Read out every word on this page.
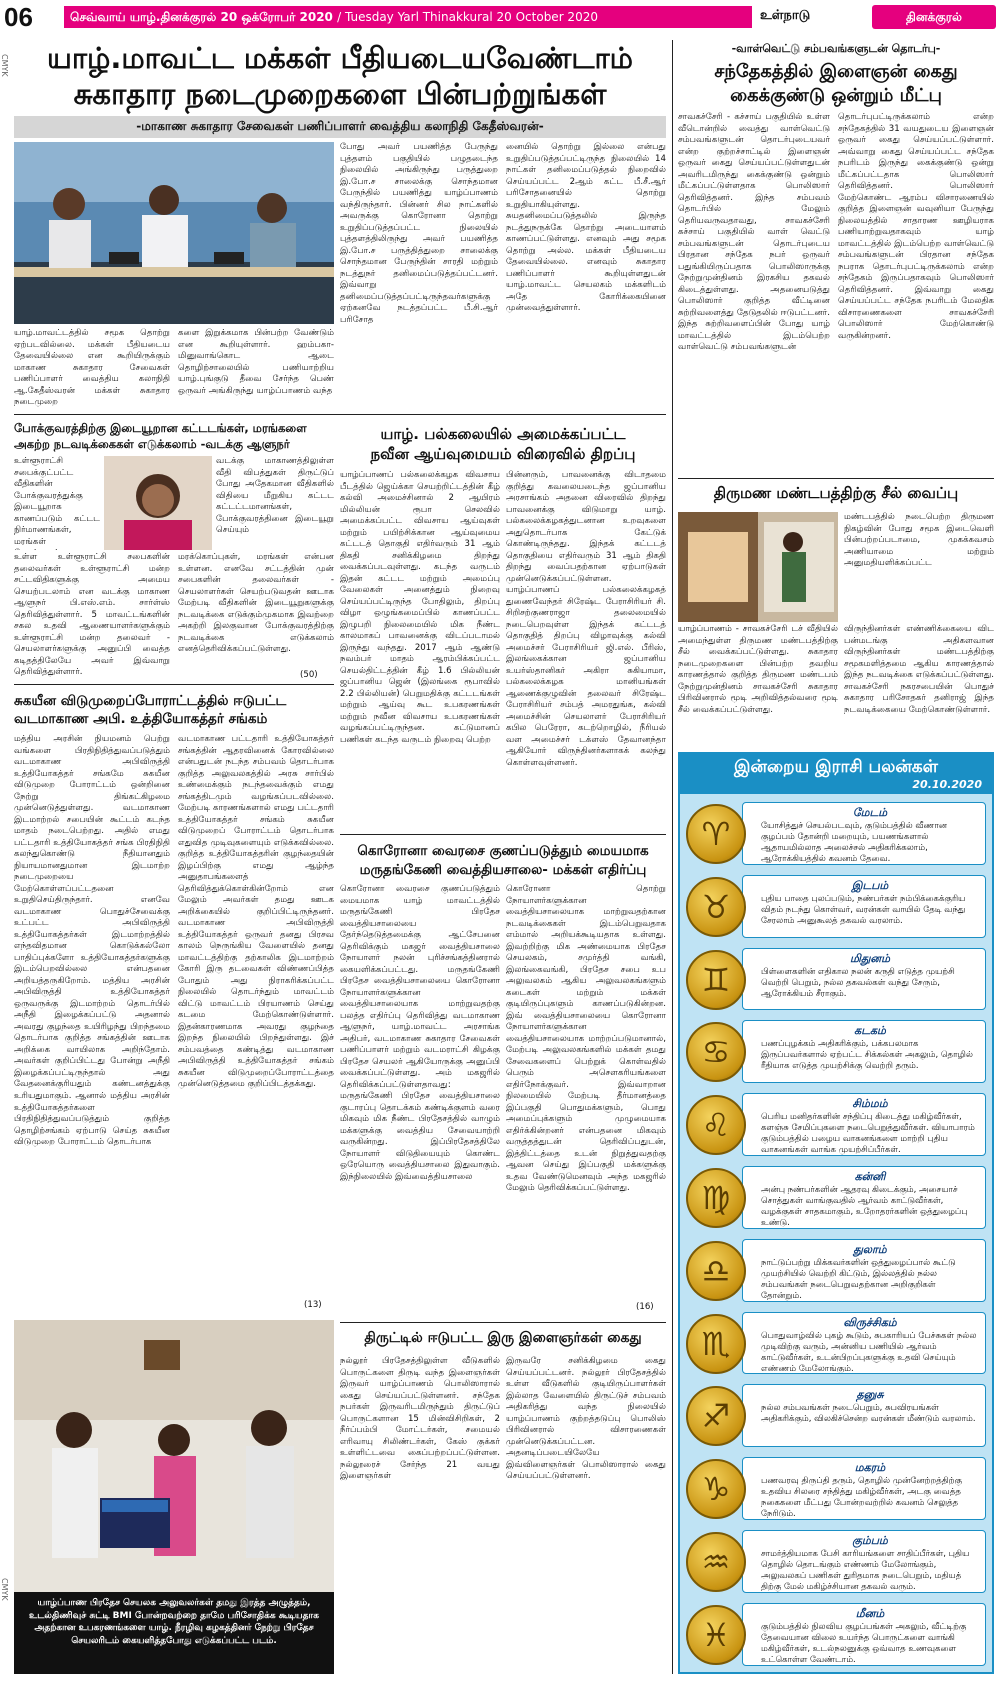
06	செவ்வாய் யாழ்.தினக்குரல் 20 ஒக்ரோபர் 2020 / Tuesday Yarl Thinakkural 20 October 2020	உள்நாடு	தினக்குரல்
CMYK
CMYK
யாழ்.மாவட்ட மக்கள் பீதியடையவேண்டாம்
சுகாதார நடைமுறைகளை பின்பற்றுங்கள்
-மாகாண சுகாதார சேவைகள் பணிப்பாளர் வைத்திய கலாநிதி கேதீஸ்வரன்-
யாழ்.மாவட்டத்தில் சமூக தொற்று ஏற்படவில்லை. மக்கள் பீதியடைய தேவையில்லை என கூறியிருக்கும் மாகாண சுகாதார சேவைகள் பணிப்பாளர் வைத்திய கலாநிதி ஆ.கேதீஸ்வரன் மக்கள் சுகாதார நடைமுறை
களை இறுக்கமாக பின்பற்ற வேண்டும் என கூறியுள்ளார். ஹம்பகா- மினுவாங்கொட ஆடை தொழிற்சாலையில் பணியாற்றிய யாழ்.புங்குடு தீவை சேர்ந்த பெண் ஒருவர் அங்கிருந்து யாழ்ப்பாணம் வந்த
போது அவர் பயணித்த பேருந்து புத்தளம் பகுதியில் பழுதடைந்த நிலையில் அங்கிருந்து பருத்துறை இ.போ.ச சாலைக்கு சொந்தமான பேருந்தில் பயணித்து யாழ்ப்பாணம் வந்திருந்தார். பின்னர் சில நாட்களில் அவருக்கு கொரோனா தொற்று உறுதிப்படுத்தப்பட்ட நிலையில் புத்தளத்திலிருந்து அவர் பயணித்த இ.போ.ச பருத்தித்துறை சாலைக்கு சொந்தமான பேருந்தின் சாரதி மற்றும் நடத்துநர் தனிமைப்படுத்தப்பட்டனர். இவ்வாறு தனிமைப்படுத்தப்பட்டிருந்தவர்களுக்கு ஏற்கனவே நடத்தப்பட்ட பீ.சி.ஆர் பரிசோத
னையில் தொற்று இல்லை என்பது உறுதிப்படுத்தப்பட்டிருந்த நிலையில் 14 நாட்கள் தனிமைப்படுத்தல் நிறைவில் செய்யப்பட்ட 2ஆம் கட்ட பீ.சீ.ஆர் பரிசோதனையில் தொற்று உறுதியாகியுள்ளது. சுயதனிமைப்படுத்தலில் இருந்த நடத்துநருக்கே தொற்று அடையாளம் காணப்பட்டுள்ளது. எனவும் அது சமூக தொற்று அல்ல. மக்கள் பீதியடைய தேவையில்லை. எனவும் சுகாதார பணிப்பாளர் கூறியுள்ளதுடன் யாழ்.மாவட்ட செயலகம் மக்களிடம் அதே கோரிக்கையினை முன்வைத்துள்ளார்.
போக்குவரத்திற்கு இடையூறான கட்டடங்கள், மரங்களை
அகற்ற நடவடிக்கைகள் எடுக்கலாம் -வடக்கு ஆளுநர்
உள்ளூராட்சி சபைக்குட்பட்ட வீதிகளின் போக்குவரத்துக்கு இடையூறாக காணப்படும் கட்டட நிர்மாணங்கள், மரங்கள்
வடக்கு மாகாணத்திலுள்ள வீதி விபத்துகள் திருட்டுப் போது அதேகமான வீதிகளில் விதியை மீறுகிய கட்டட கட்டட்டமானங்கள், போக்குவரத்தினை இடையூறு செய்யும்
உள்ள உள்ளூராட்சி சபைகளின் தலைவர்கள் உள்ளூராட்சி மன்ற சட்டவிதிகளுக்கு அமைய செயற்படலாம் என வடக்கு மாகாண ஆளுநர் பி.எஸ்.எம். சார்ள்ஸ் தெரிவித்துள்ளார். 5 மாவட்டங்களின் சகல உதவி ஆணையாளர்களுக்கும் உள்ளூராட்சி மன்ற தலைவர் - செயலாளர்களுக்கு அனுப்பி வைத்த கடிதத்திலேயே அவர் இவ்வாறு தெரிவித்துள்ளார்.
மரக்கொப்புகள், மரங்கள் என்பன உள்ளன. எனவே சட்டத்தின் முன் சபைகளின் தலைவர்கள் - செயலாளர்கள் செயற்படுவதன் ஊடாக மேற்படி வீதிகளின் இடையூறுகளுக்கு நடவடிக்கை எடுக்கும்முகமாக இவற்றை அகற்றி இலகுவான போக்குவரத்திற்கு நடவடிக்கை எடுக்கலாம் எனத்தெரிவிக்கப்பட்டுள்ளது.
(50)
யாழ். பல்கலையில் அமைக்கப்பட்ட
நவீன ஆய்வுமையம் விரைவில் திறப்பு
யாழ்ப்பாணப் பல்கலைக்கழக விவசாய பீடத்தில் ஜெய்க்கா செயற்றிட்டத்தின் கீழ் கல்வி அமைச்சினால் 2 ஆயிரம் மில்லியன் ரூபா செலவில் அமைக்கப்பட்ட விவசாய ஆய்வுகள் மற்றும் பயிற்சிக்கான ஆய்வுமைய கட்டடத் தொகுதி எதிர்வரும் 31 ஆம் திகதி சனிக்கிழமை திறந்து வைக்கப்படவுள்ளது. கடந்த வருடம் இதன் கட்டட மற்றும் அமைப்பு வேலைகள் அனைத்தும் நிறைவு செய்யப்பட்டிருந்த போதிலும், திறப்பு விழா ஒழுங்கமைப்பில் காணப்பட்ட இழுபறி நிலைமையில் மிக நீண்ட காலமாகப் பாவனைக்கு விடப்படாமல் இருந்து வந்தது. 2017 ஆம் ஆண்டு நவம்பர் மாதம் ஆரம்பிக்கப்பட்ட செயல்திட்டத்தின் கீழ் 1.6 பில்லியன் ஜப்பானிய ஜென் (இலங்கை ரூபாவில் 2.2 பில்லியன்) பெறுமதிக்கு கட்டடங்கள் மற்றும் ஆய்வு கூட உபகரணங்கள் மற்றும் நவீன விவசாய உபகரணங்கள் வழங்கப்பட்டிருந்தன. கட்டுமானப் பணிகள் கடந்த வருடம் நிறைவு பெற்ற
பின்னரும், பாவனைக்கு விடாதமை குறித்து கவலையடைந்த ஜப்பானிய அரசாங்கம் அதனை விரைவில் திறந்து பாவனைக்கு விடுமாறு யாழ். பல்கலைக்கழகத்துடனான உறவுகளை அதுதொடர்பாக கேட்டுக் கொண்டிருந்தது. இந்தக் கட்டடத் தொகுதியை எதிர்வரும் 31 ஆம் திகதி திறந்து வைப்பதற்கான ஏற்பாடுகள் முன்னெடுக்கப்பட்டுள்ளன. யாழ்ப்பாணப் பல்கலைக்கழகத் துணைவேந்தர் சிரேஷ்ட பேராசிரியர் சி. சிறிசற்குணராஜா தலைமையில் நடைபெறவுள்ள இந்தக் கட்டடத் தொகுதித் திறப்பு விழாவுக்கு கல்வி அமைச்சர் பேராசிரியர் ஜி.எல். பீரிஸ், இலங்கைக்கான ஜப்பானிய உயர்ஸ்தானிகர் அகிரா சுகியாமா, பல்கலைக்கழக மானியங்கள் ஆணைக்குழுவின் தலைவர் சிரேஷ்ட பேராசிரியர் சம்பத் அமரதுங்க, கல்வி அமைச்சின் செயலாளர் பேராசிரியர் கபில பெரேரா, கடற்றொழில், நீரியல் வள அமைச்சர் டக்ளஸ் தேவானந்தா ஆகியோர் விருந்தினர்களாகக் கலந்து கொள்ளவுள்ளனர்.
சுகயீன விடுமுறைப்போராட்டத்தில் ஈடுபட்ட
வடமாகாண அபி. உத்தியோகத்தர் சங்கம்
மத்திய அரசின் நியமனம் பெற்று வங்களை பிரதிநிதித்துவப்படுத்தும் வடமாகாண அபிவிருத்தி உத்தியோகத்தர் சங்கமே சுகயீன விடுமுறை போராட்டம் ஒன்றினை நேற்று திங்கட்கிழமை முன்னெடுத்துள்ளது. வடமாகாண இடமாற்றல் சபையின் கூட்டம் கடந்த மாதம் நடைபெற்றது. அதில் எமது பட்டதாரி உத்தியோகத்தர் சங்க பிரதிநிதி கலந்துகொண்டு நீதியானதும் நியாயமானதுமான இடமாற்ற நடைமுறையை மேற்கொள்ளப்பட்டதனை உறுதிசெய்திருந்தார். எனவே வடமாகாண பொதுச்சேவைக்கு உட்பட்ட அபிவிருத்தி உத்தியோகத்தர்கள் இடமாற்றத்தில் எந்தவிதமான கொடுக்கல்லோ பாதிப்புக்களோ உத்தியோகத்தர்களுக்கு இடம்பெறவில்லை என்பதனை அறியத்தருகிறோம். மத்திய அரசின் அபிவிருத்தி உத்தியோகத்தர் ஒருவருக்கு இடமாற்றம் தொடர்பில் அநீதி இழைக்கப்பட்டு அதனால் அவரது குழந்தை உயிரிழந்து பிறந்தமை தொடர்பாக குறித்த சங்கத்தின் ஊடாக அறிக்கை வாயிலாக அறிந்தோம். அவர்கள் குறிப்பிட்டது போன்று அநீதி இழைக்கப்பட்டிருந்தால் அது வேதனைக்குரியதும் கண்டனத்துக்கு உரியதுமாகும். ஆனால் மத்திய அரசின் உத்தியோகத்தர்களை பிரதிநிதித்துவப்படுத்தும் குறித்த தொழிற்சங்கம் ஏற்பாடு செய்த சுகயீன விடுமுறை போராட்டம் தொடர்பாக
வடமாகாண பட்டதாரி உத்தியோகத்தர் சங்கத்தின் ஆதரவினைக் கோரவில்லை என்பதுடன் நடந்த சம்பவம் தொடர்பாக குறித்த அலுவலகத்தில் அரசு சார்பில் உண்மைக்கும் நடந்தவைக்கும் எமது சங்கத்திடமும் வழங்கப்படவில்லை. மேற்படி காரணங்களால் எமது பட்டதாரி உத்தியோகத்தர் சங்கம் சுகயீன விடுமுறைப் போராட்டம் தொடர்பாக எதுவித முடிவுகளையும் எடுக்கவில்லை. குறித்த உத்தியோகத்தரின் குழந்தையின் இழப்பிற்கு எமது ஆழ்ந்த அனுதாபங்களைத் தெரிவித்துக்கொள்கின்றோம் என மேலும் அவர்கள் தமது ஊடக அறிக்கையில் குறிப்பிட்டிருந்தனர். வடமாகாண அபிவிருத்தி உத்தியோகத்தர் ஒருவர் தனது பிரசவ காலம் நெருங்கிய வேளையில் தனது மாவட்டத்திற்கு தற்காலிக இடமாற்றம் கோரி இரு தடவைகள் விண்ணப்பித்த போதும் அது நிராகரிக்கப்பட்ட நிலையில் தொடர்ந்தும் மாவட்டம் விட்டு மாவட்டம் பிரயாணம் செய்து கடமை மேற்கொண்டுள்ளார். இதன்காரணமாக அவரது குழந்தை இறந்த நிலையில் பிறந்துள்ளது. இச் சம்பவத்தை கண்டித்து வடமாகாண அபிவிருத்தி உத்தியோகத்தர் சங்கம் சுகயீன விடுமுறைப்போராட்டத்தை முன்னெடுத்தமை குறிப்பிடத்தக்கது.
(13)
யாழ்ப்பாண பிரதேச செயலக அலுவலர்கள் தமது இரத்த அழுத்தம், உடல்திணிவுச் சுட்டி BMI போன்றவற்றை தாமே பரிசோதிக்க கூடியதாக அதற்கான உபகரணங்களை யாழ். நீரழிவு கழகத்தினர் நேற்று பிரதேச செயலரிடம் கையளித்தபோது எடுக்கப்பட்ட படம்.
கொரோனா வைரசை குணப்படுத்தும் மையமாக
மருதங்கேணி வைத்தியசாலை- மக்கள் எதிர்ப்பு
கொரோனா வைரசை குணப்படுத்தும் மையமாக யாழ் மாவட்டத்தில் மருதங்கேணி பிரதேச வைத்தியசாலையை தேர்ந்தெடுத்தமைக்கு ஆட்சேபனை தெரிவிக்கும் மகஜர் வைத்தியசாலை நோயாளர் நலன் புரிச்சங்கத்தினரால் கையளிக்கப்பட்டது. மருதங்கேணி பிரதேச வைத்தியசாலையை கொரோனா நோயாளர்களுக்கான வைத்தியசாலையாக மாற்றுவதற்கு பலத்த எதிர்ப்பு தெரிவித்து வடமாகாண ஆளுநர், யாழ்.மாவட்ட அரசாங்க அதிபர், வடமாகாண சுகாதார சேவைகள் பணிப்பாளர் மற்றும் வடமராட்சி கிழக்கு பிரதேச செயலர் ஆகியோருக்கு அனுப்பி வைக்கப்பட்டுள்ளது. அம் மகஜரில் தெரிவிக்கப்பட்டுள்ளதாவது: மருதங்கேணி பிரதேச வைத்தியசாலை குடாரப்பு தொடக்கம் கண்டிக்குளம் வரை மிகவும் மிக நீண்ட பிரதேசத்தில் வாழும் மக்களுக்கு வைத்திய சேவையாற்றி வருகின்றது. இப்பிரதேசத்திலே நோயாளர் விடுதியையும் கொண்ட ஒரேயொரு வைத்தியசாலை இதுவாகும். இந்நிலையில் இவ்வைத்தியசாலை
கொரோனா தொற்று நோயாளர்களுக்கான வைத்தியசாலையாக மாற்றுவதற்கான நடவடிக்கைகள் இடம்பெறுவதாக எம்மால் அறியக்கூடியதாக உள்ளது. இவற்றிற்கு மிக அண்மையாக பிரதேச செயலகம், சமுர்த்தி வங்கி, இலங்கைவங்கி, பிரதேச சபை உப அலுவலகம் ஆகிய அலுவலகங்களும் கடைகள் மற்றும் மக்கள் குடியிருப்புகளும் காணப்படுகின்றன. இவ் வைத்தியசாலையை கொரோனா நோயாளர்களுக்கான வைத்தியசாலையாக மாற்றப்படுமானால், மேற்படி அலுவலகங்களில் மக்கள் தமது சேவைகளைப் பெற்றுக் கொள்வதில் பெரும் அசௌகரியங்களை எதிர்நோக்குவர். இவ்வாறான நிலமையில் மேற்படி தீர்மானத்தை இப்பகுதி பொதுமக்களும், பொது அமைப்புக்களும் முழுமையாக எதிர்க்கின்றனர் என்பதனை மிகவும் வருத்தத்துடன் தெரிவிப்பதுடன், இத்திட்டத்தை உடன் நிறுத்துவதற்கு ஆவன செய்து இப்பகுதி மக்களுக்கு உதவ வேண்டுமெனவும் அந்த மகஜரில் மேலும் தெரிவிக்கப்பட்டுள்ளது.
(16)
திருட்டில் ஈடுபட்ட இரு இளைஞர்கள் கைது
நல்லூர் பிரதேசத்திலுள்ள வீடுகளில் பொருட்களை திருடி வந்த இளைஞர்கள் இருவர் யாழ்ப்பாணம் பொலிஸாரால் கைது செய்யப்பட்டுள்ளனர். சந்தேக நபர்கள் இருவரிடமிருந்தும் திருட்டுப் பொருட்களான 15 மின்விசிறிகள், 2 நீர்ப்பம்பி மோட்டர்கள், சமையல் எரிவாயு சிலிண்டர்கள், கேஸ் குக்கர் உள்ளிட்டவை கைப்பற்றப்பட்டுள்ளன. நல்லூரைச் சேர்ந்த 21 வயது இளைஞர்கள்
இருவரே சனிக்கிழமை கைது செய்யப்பட்டனர். நல்லூர் பிரதேசத்தில் உள்ள வீடுகளில் குடியிருப்பாளர்கள் இல்லாத வேளையில் திருட்டுச் சம்பவம் அதிகரித்து வந்த நிலையில் யாழ்ப்பாணம் குற்றத்தடுப்பு பொலிஸ் பிரிவினரால் விசாரணைகள் முன்னெடுக்கப்பட்டன. அதனடிப்படையிலேயே இவ்விளைஞர்கள் பொலிஸாரால் கைது செய்யப்பட்டுள்ளனர்.
-வாள்வெட்டு சம்பவங்களுடன் தொடர்பு-
சந்தேகத்தில் இளைஞன் கைது
கைக்குண்டு ஒன்றும் மீட்பு
சாவகச்சேரி - கச்சாய் பகுதியில் உள்ள வீடொன்றில் வைத்து வாள்வெட்டு சம்பவங்களுடன் தொடர்புடையவர் என்ற குற்றச்சாட்டில் இளைஞன் ஒருவர் கைது செய்யப்பட்டுள்ளதுடன் அவரிடமிருந்து கைக்குண்டு ஒன்றும் மீட்கப்பட்டுள்ளதாக பொலிஸார் தெரிவித்தனர். இந்த சம்பவம் தொடர்பில் மேலும் தெரியவருவதாவது, சாவகச்சேரி கச்சாய் பகுதியில் வாள் வெட்டு சம்பவங்களுடன் தொடர்புடைய பிரதான சந்தேக நபர் ஒருவர் பதுங்கியிருப்பதாக பொலிஸாருக்கு நேற்றுமுன்தினம் இரகசிய தகவல் கிடைத்துள்ளது. அதனையடுத்து பொலிஸார் குறித்த வீட்டினை சுற்றிவளைத்து தேடுதலில் ஈடுபட்டனர். இந்த சுற்றிவளைப்பின் போது யாழ் மாவட்டத்தில் இடம்பெற்ற வாள்வெட்டு சம்பவங்களுடன்
தொடர்புபட்டிருக்கலாம் என்ற சந்தேகத்தில் 31 வயதுடைய இளைஞன் ஒருவர் கைது செய்யப்பட்டுள்ளார். அவ்வாறு கைது செய்யப்பட்ட சந்தேக நபரிடம் இருந்து கைக்குண்டு ஒன்று மீட்கப்பட்டதாக பொலிஸார் தெரிவித்தனர். பொலிஸார் மேற்கொண்ட ஆரம்ப விசாரணையில் குறித்த இளைஞன் வவுனியா பேருந்து நிலையத்தில் சாதாரண ஊழியராக பணியாற்றுவதாகவும் யாழ் மாவட்டத்தில் இடம்பெற்ற வாள்வெட்டு சம்பவங்களுடன் பிரதான சந்தேக நபராக தொடர்புபட்டிருக்கலாம் என்ற சந்தேகம் இருப்பதாகவும் பொலிஸார் தெரிவித்தனர். இவ்வாறு கைது செய்யப்பட்ட சந்தேக நபரிடம் மேலதிக விசாரணைகளை சாவகச்சேரி பொலிஸார் மேற்கொண்டு வருகின்றனர்.
திருமண மண்டபத்திற்கு சீல் வைப்பு
மண்டபத்தில் நடைபெற்ற திருமண நிகழ்வின் போது சமூக இடைவெளி பின்பற்றப்படாமை, முகக்கவசம் அணியாமை மற்றும் அனுமதியளிக்கப்பட்ட
யாழ்ப்பாணம் - சாவகச்சேரி டச் வீதியில் அமைந்துள்ள திருமண மண்டபத்திற்கு சீல் வைக்கப்பட்டுள்ளது. சுகாதார நடைமுறைகளை பின்பற்ற தவறிய காரணத்தால் குறித்த திருமண மண்டபம் நேற்றுமுன்தினம் சாவகச்சேரி சுகாதார பிரிவினரால் மூடி அறிவித்தல்வரை மூடி சீல் வைக்கப்பட்டுள்ளது.
விருந்தினர்கள் எண்ணிக்கையை விட பன்மடங்கு அதிகளவான விருந்தினர்கள் மண்டபத்திற்கு சமூகமளித்தமை ஆகிய காரணத்தால் இந்த நடவடிக்கை எடுக்கப்பட்டுள்ளது. சாவகச்சேரி நகரசபையின் பொதுச் சுகாதார பரிசோதகர் தனிராஜ் இந்த நடவடிக்கையை மேற்கொண்டுள்ளார்.
இன்றைய இராசி பலன்கள்
20.10.2020
மேடம்
யோசித்துச் செயல்படவும், குடும்பத்தில் வீணான குழப்பம் தோன்றி மறையும், பயணங்களால் ஆதாயமில்லாத அலைச்சல் அதிகரிக்கலாம், ஆரோக்கியத்தில் கவனம் தேவை.
♈
இடபம்
புதிய பாதை புலப்படும், நண்பர்கள் நம்பிக்கைக்குரிய விதம் நடந்து கொள்வர், வரன்கள் வாயில் தேடி வந்து சேரலாம் அனுகூலத் தகவல் வரலாம்.
♉
மிதுனம்
பிள்ளைகளின் எதிகால நலன் கருதி எடுத்த முயற்சி வெற்றி பெறும், நல்ல தகவல்கள் வந்து சேரும், ஆரோக்கியம் சீராகும்.
♊
கடகம்
பணப்புழக்கம் அதிகரிக்கும், பக்கபலமாக இருப்பவர்களால் ஏற்பட்ட சிக்கல்கள் அகலும், தொழில் ரீதியாக எடுத்த முயற்சிக்கு வெற்றி தரும்.
♋
சிம்மம்
பெரிய மனிதர்களின் சந்திப்பு கிடைத்து மகிழ்வீர்கள், களஞ்சு சேமிப்புகளை நடைபெறுத்துவீர்கள். வியாபாரம் குடும்பத்தில் பழைய வாகனங்களை மாற்றி புதிய வாகனங்கள் வாங்க முயற்சிப்பீர்கள்.
♌
கன்னி
அன்பு நண்பர்களின் ஆதரவு கிடைக்கும், அசையாச் சொத்துகள் வாங்குவதில் ஆர்வம் காட்டுவீர்கள், வழக்குகள் சாதகமாகும், உறோதரர்களின் ஒத்துழைப்பு உண்டு.
♍
துலாம்
நாட்டுப்பற்று மிக்கவர்களின் ஒத்துழைப்பால் கூட்டு முயற்சியில் வெற்றி கிட்டும், இல்லத்தில் நல்ல சம்பவங்கள் நடைபெறுவதற்கான அறிகுறிகள் தோன்றும்.
♎
விருச்சிகம்
பொதுவாழ்வில் புகழ் கூடும், சுபகாரியப் பேச்சுகள் நல்ல முடிவிற்கு வரும், அன்னிய பணியில் ஆர்வம் காட்டுவீர்கள், உடன்பிறப்புகளுக்கு உதவி செய்யும் எண்ணம் மேலோங்கும்.
♏
தனுசு
நல்ல சம்பவங்கள் நடைபெறும், சுபவிரயங்கள் அதிகரிக்கும், விலகிச்சென்ற வரன்கள் மீண்டும் வரலாம்.
♐
மகரம்
பணவரவு திருப்தி தரும், தொழில் முன்னேற்றத்திற்கு உதவிய சிலரை சந்தித்து மகிழ்வீர்கள், அடகு வைத்த நகைகளை மீட்பது போன்றவற்றில் கவனம் செலுத்த நேரிடும்.
♑
கும்பம்
சாமர்த்தியமாக பேசி காரியங்களை சாதிப்பீர்கள், புதிய தொழில் தொடங்கும் எண்ணம் மேலோங்கும், அலுவலகப் பணிகள் துரிதமாக நடைபெறும், மதியத் திற்கு மேல் மகிழ்ச்சியான தகவல் வரும்.
♒
மீனம்
குடும்பத்தில் நிலவிய குழப்பங்கள் அகலும், வீட்டிற்கு தேவையான விலை உயர்ந்த பொருட்களை வாங்கி மகிழ்வீர்கள், உடல்நலனுக்கு ஒவ்வாத உணவுகளை உட்கொள்ள வேண்டாம்.
♓
